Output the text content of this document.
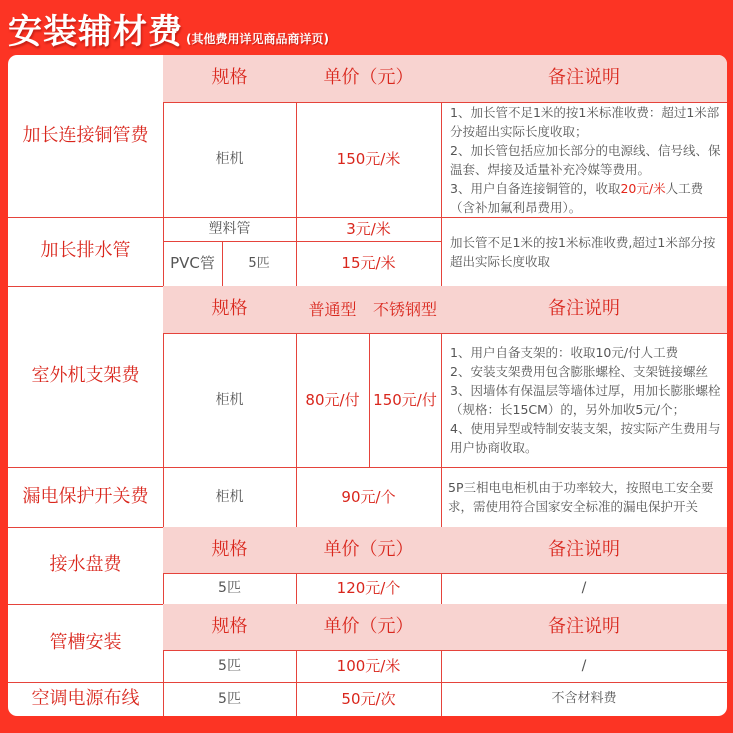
安装辅材费 (其他费用详见商品商详页)
加长连接铜管费
规格	单价（元）	备注说明
柜机	150元/米
1、加长管不足1米的按1米标准收费：超过1米部分按超出实际长度收取；
2、加长管包括应加长部分的电源线、信号线、保温套、焊接及适量补充冷媒等费用。
3、用户自备连接铜管的，收取20元/米人工费（含补加氟利昂费用）。
加长排水管
塑料管	3元/米
PVC管	5匹	15元/米
加长管不足1米的按1米标准收费,超过1米部分按超出实际长度收取
室外机支架费
规格	普通型	不锈钢型	备注说明
柜机	80元/付 150元/付
1、用户自备支架的：收取10元/付人工费
2、安装支架费用包含膨胀螺栓、支架链接螺丝
3、因墙体有保温层等墙体过厚，用加长膨胀螺栓（规格：长15CM）的，另外加收5元/个；
4、使用异型或特制安装支架，按实际产生费用与用户协商收取。
漏电保护开关费	柜机	90元/个
5P三相电电柜机由于功率较大，按照电工安全要求，需使用符合国家安全标准的漏电保护开关
接水盘费
规格	单价（元）	备注说明
5匹	120元/个	/
管槽安装
规格	单价（元）	备注说明
5匹	100元/米	/
空调电源布线	5匹	50元/次	不含材料费
